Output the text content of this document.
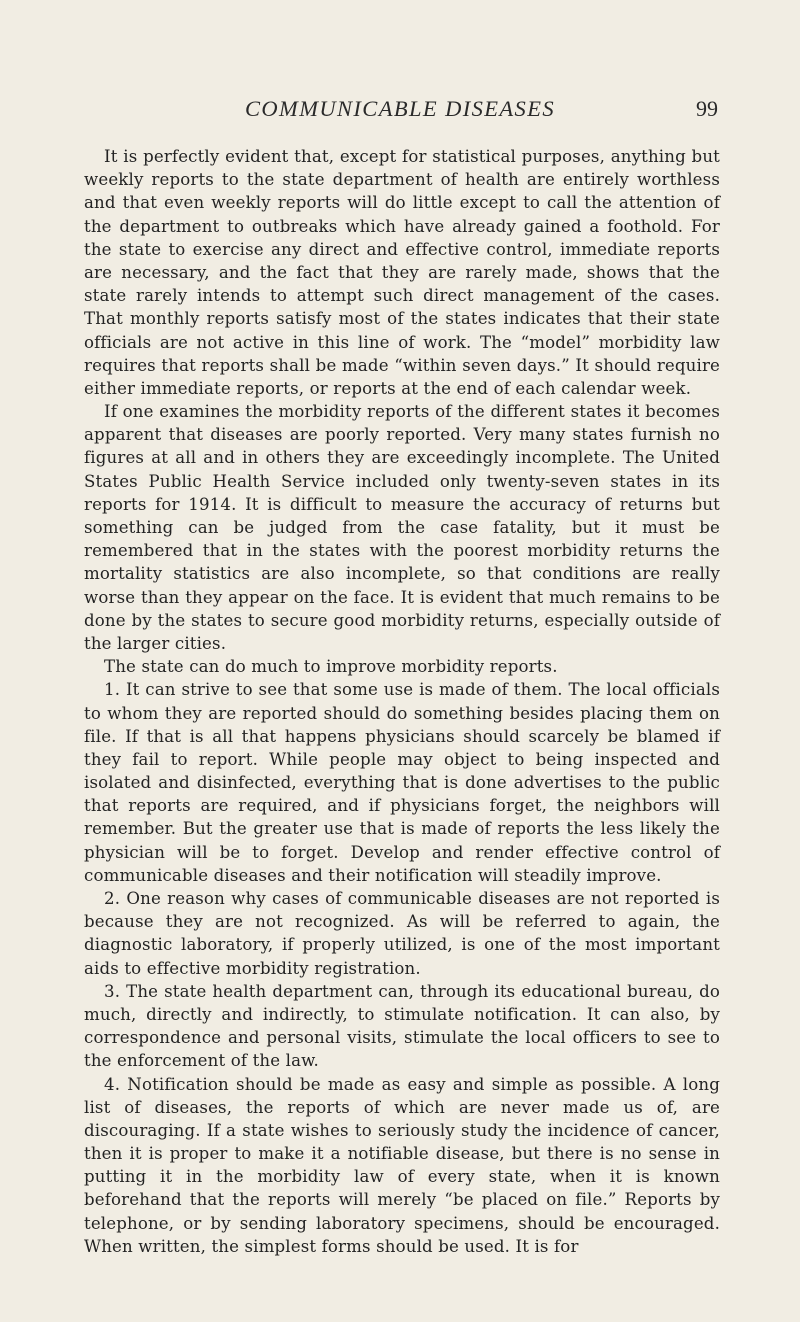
COMMUNICABLE DISEASES	99

It is perfectly evident that, except for statistical purposes, anything but weekly reports to the state department of health are entirely worthless and that even weekly reports will do little except to call the attention of the department to outbreaks which have already gained a foothold. For the state to exercise any direct and effective control, immediate reports are necessary, and the fact that they are rarely made, shows that the state rarely intends to attempt such direct management of the cases. That monthly reports satisfy most of the states indicates that their state officials are not active in this line of work. The “model” morbidity law requires that reports shall be made “within seven days.” It should require either immediate reports, or reports at the end of each calendar week.

If one examines the morbidity reports of the different states it becomes apparent that diseases are poorly reported. Very many states furnish no figures at all and in others they are exceedingly incomplete. The United States Public Health Service included only twenty-seven states in its reports for 1914. It is difficult to measure the accuracy of returns but something can be judged from the case fatality, but it must be remembered that in the states with the poorest morbidity returns the mortality statistics are also incomplete, so that conditions are really worse than they appear on the face. It is evident that much remains to be done by the states to secure good morbidity returns, especially outside of the larger cities.

The state can do much to improve morbidity reports.

1. It can strive to see that some use is made of them. The local officials to whom they are reported should do something besides placing them on file. If that is all that happens physicians should scarcely be blamed if they fail to report. While people may object to being inspected and isolated and disinfected, everything that is done advertises to the public that reports are required, and if physicians forget, the neighbors will remember. But the greater use that is made of reports the less likely the physician will be to forget. Develop and render effective control of communicable diseases and their notification will steadily improve.

2. One reason why cases of communicable diseases are not reported is because they are not recognized. As will be referred to again, the diagnostic laboratory, if properly utilized, is one of the most important aids to effective morbidity registration.

3. The state health department can, through its educational bureau, do much, directly and indirectly, to stimulate notification. It can also, by correspondence and personal visits, stimulate the local officers to see to the enforcement of the law.

4. Notification should be made as easy and simple as possible. A long list of diseases, the reports of which are never made us of, are discouraging. If a state wishes to seriously study the incidence of cancer, then it is proper to make it a notifiable disease, but there is no sense in putting it in the morbidity law of every state, when it is known beforehand that the reports will merely “be placed on file.” Reports by telephone, or by sending laboratory specimens, should be encouraged. When written, the simplest forms should be used. It is for
